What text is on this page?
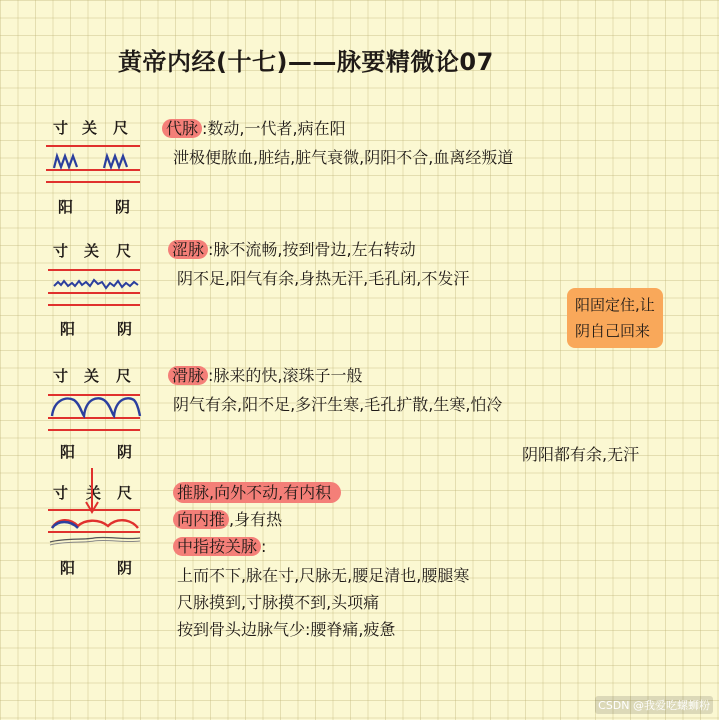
黄帝内经(十七)——脉要精微论07
寸 关 尺
阳	阴
代脉 :数动,一代者,病在阳
泄极便脓血,脏结,脏气衰微,阴阳不合,血离经叛道
寸 关 尺
阳	阴
涩脉 :脉不流畅,按到骨边,左右转动
阴不足,阳气有余,身热无汗,毛孔闭,不发汗
阳固定住,让
阴自己回来
寸 关 尺
阳	阴
滑脉 :脉来的快,滚珠子一般
阴气有余,阳不足,多汗生寒,毛孔扩散,生寒,怕冷
阴阳都有余,无汗
寸 关 尺
阳	阴
推脉,向外不动,有内积
向内推 ,身有热
中指按关脉 :
上而不下,脉在寸,尺脉无,腰足清也,腰腿寒
尺脉摸到,寸脉摸不到,头项痛
按到骨头边脉气少:腰脊痛,疲惫
CSDN @我爱吃螺蛳粉
